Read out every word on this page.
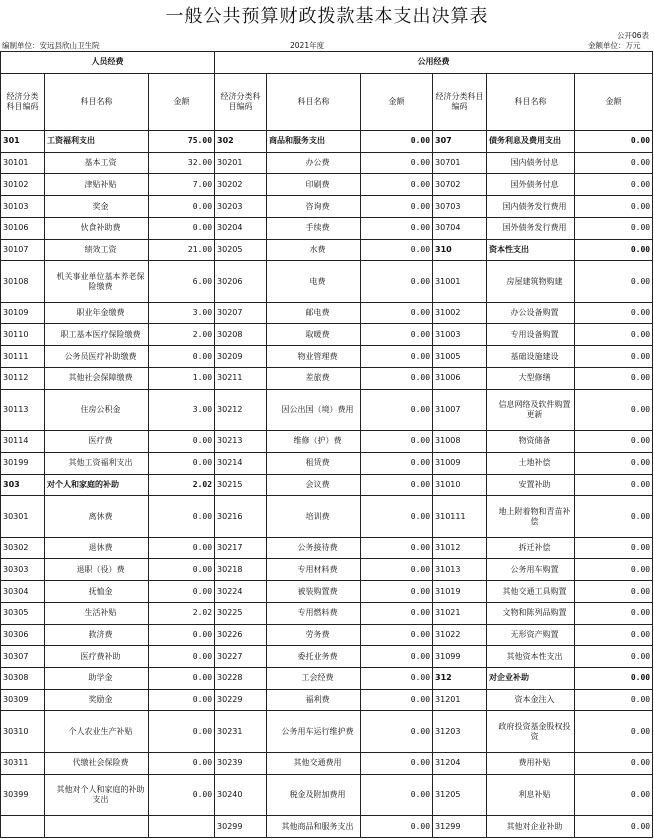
一般公共预算财政拨款基本支出决算表
公开06表
编制单位：安远县欣山卫生院	2021年度	金额单位：万元
人员经费			公用经费					
经济分类科目编码	科目名称	金额	经济分类科目编码	科目名称	金额	经济分类科目编码	科目名称	金额
301	工资福利支出	75.00	302	商品和服务支出	0.00	307	债务利息及费用支出	0.00
30101	基本工资	32.00	30201	办公费	0.00	30701	国内债务付息	0.00
30102	津贴补贴	7.00	30202	印刷费	0.00	30702	国外债务付息	0.00
30103	奖金	0.00	30203	咨询费	0.00	30703	国内债务发行费用	0.00
30106	伙食补助费	0.00	30204	手续费	0.00	30704	国外债务发行费用	0.00
30107	绩效工资	21.00	30205	水费	0.00	310	资本性支出	0.00
30108	机关事业单位基本养老保险缴费	6.00	30206	电费	0.00	31001	房屋建筑物购建	0.00
30109	职业年金缴费	3.00	30207	邮电费	0.00	31002	办公设备购置	0.00
30110	职工基本医疗保险缴费	2.00	30208	取暖费	0.00	31003	专用设备购置	0.00
30111	公务员医疗补助缴费	0.00	30209	物业管理费	0.00	31005	基础设施建设	0.00
30112	其他社会保障缴费	1.00	30211	差旅费	0.00	31006	大型修缮	0.00
30113	住房公积金	3.00	30212	因公出国（境）费用	0.00	31007	信息网络及软件购置更新	0.00
30114	医疗费	0.00	30213	维修（护）费	0.00	31008	物资储备	0.00
30199	其他工资福利支出	0.00	30214	租赁费	0.00	31009	土地补偿	0.00
303	对个人和家庭的补助	2.02	30215	会议费	0.00	31010	安置补助	0.00
30301	离休费	0.00	30216	培训费	0.00	310111	地上附着物和青苗补偿	0.00
30302	退休费	0.00	30217	公务接待费	0.00	31012	拆迁补偿	0.00
30303	退职（役）费	0.00	30218	专用材料费	0.00	31013	公务用车购置	0.00
30304	抚恤金	0.00	30224	被装购置费	0.00	31019	其他交通工具购置	0.00
30305	生活补贴	2.02	30225	专用燃料费	0.00	31021	文物和陈列品购置	0.00
30306	救济费	0.00	30226	劳务费	0.00	31022	无形资产购置	0.00
30307	医疗费补助	0.00	30227	委托业务费	0.00	31099	其他资本性支出	0.00
30308	助学金	0.00	30228	工会经费	0.00	312	对企业补助	0.00
30309	奖励金	0.00	30229	福利费	0.00	31201	资本金注入	0.00
30310	个人农业生产补贴	0.00	30231	公务用车运行维护费	0.00	31203	政府投资基金股权投资	0.00
30311	代缴社会保险费	0.00	30239	其他交通费用	0.00	31204	费用补贴	0.00
30399	其他对个人和家庭的补助支出	0.00	30240	税金及附加费用	0.00	31205	利息补贴	0.00
			30299	其他商品和服务支出	0.00	31299	其他对企业补助	0.00
